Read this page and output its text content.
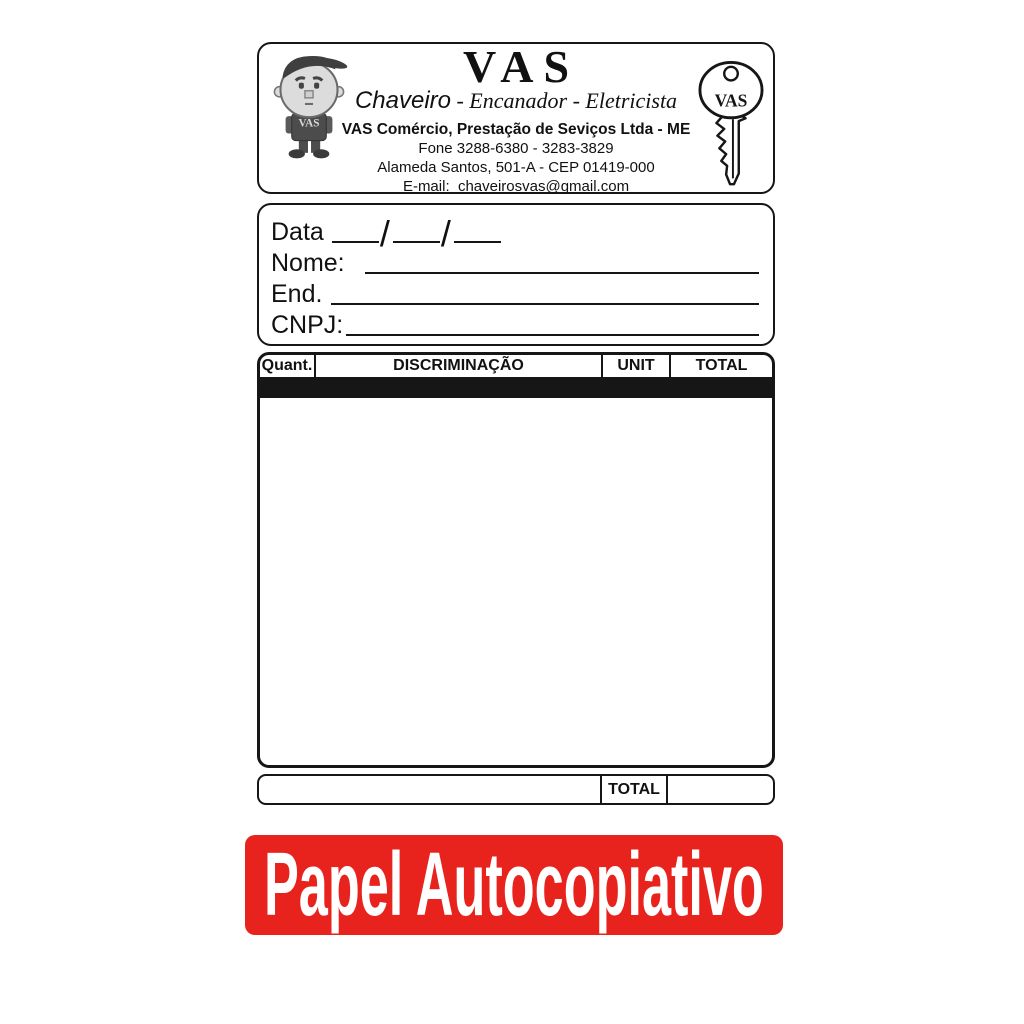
VAS
VAS
VAS
Chaveiro - Encanador - Eletricista
VAS Comércio, Prestação de Seviços Ltda - ME
Fone 3288-6380 - 3283-3829
Alameda Santos, 501-A - CEP 01419-000
E-mail:  chaveirosvas@gmail.com
Data / /
Nome:
End.
CNPJ:
Quant.	DISCRIMINAÇÃO	UNIT	TOTAL
TOTAL
Papel Autocopiativo
